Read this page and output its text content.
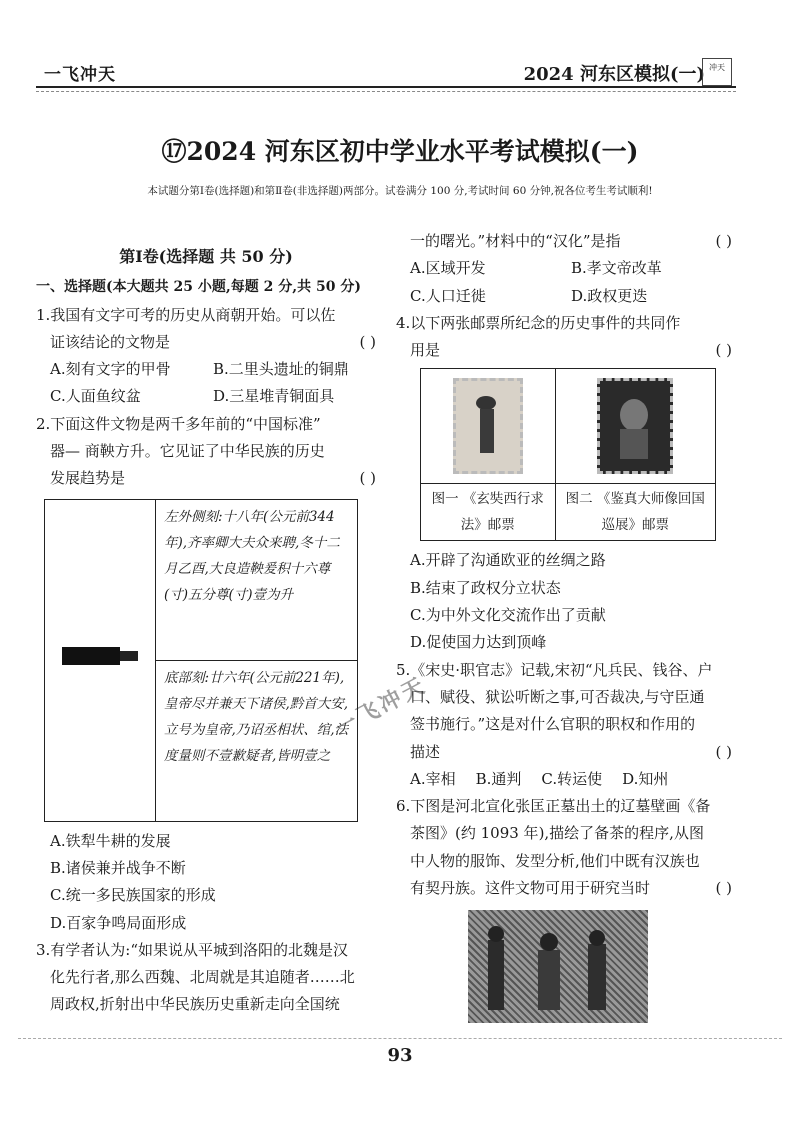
一飞冲天	2024 河东区模拟(一) 冲天
⑰2024 河东区初中学业水平考试模拟(一)
本试题分第Ⅰ卷(选择题)和第Ⅱ卷(非选择题)两部分。试卷满分 100 分,考试时间 60 分钟,祝各位考生考试顺利!

第Ⅰ卷(选择题 共 50 分)

一、选择题(本大题共 25 小题,每题 2 分,共 50 分)

1.我国有文字可考的历史从商朝开始。可以佐

证该结论的文物是	( )

A.刻有文字的甲骨	B.二里头遗址的铜鼎
C.人面鱼纹盆	D.三星堆青铜面具

2.下面这件文物是两千多年前的“中国标准”

器— 商鞅方升。它见证了中华民族的历史

发展趋势是	( )

	左外侧刻:十八年(公元前344年),齐率卿大夫众来聘,冬十二月乙酉,大良造鞅爰积十六尊(寸)五分尊(寸)壹为升
底部刻:廿六年(公元前221年),皇帝尽并兼天下诸侯,黔首大安,立号为皇帝,乃诏丞相状、绾,法度量则不壹歉疑者,皆明壹之

A.铁犁牛耕的发展

B.诸侯兼并战争不断

C.统一多民族国家的形成

D.百家争鸣局面形成

3.有学者认为:“如果说从平城到洛阳的北魏是汉

化先行者,那么西魏、北周就是其追随者……北

周政权,折射出中华民族历史重新走向全国统

一的曙光。”材料中的“汉化”是指	( )

A.区域开发	B.孝文帝改革
C.人口迁徙	D.政权更迭

4.以下两张邮票所纪念的历史事件的共同作

用是	( )

图一 《玄奘西行求法》邮票	图二 《鉴真大师像回国巡展》邮票

A.开辟了沟通欧亚的丝绸之路

B.结束了政权分立状态

C.为中外文化交流作出了贡献

D.促使国力达到顶峰

5.《宋史·职官志》记载,宋初“凡兵民、钱谷、户

口、赋役、狱讼听断之事,可否裁决,与守臣通

签书施行。”这是对什么官职的职权和作用的

描述	( )

A.宰相 B.通判 C.转运使 D.知州

6.下图是河北宣化张匡正墓出土的辽墓壁画《备

茶图》(约 1093 年),描绘了备茶的程序,从图

中人物的服饰、发型分析,他们中既有汉族也

有契丹族。这件文物可用于研究当时	( )

一飞冲天
93
